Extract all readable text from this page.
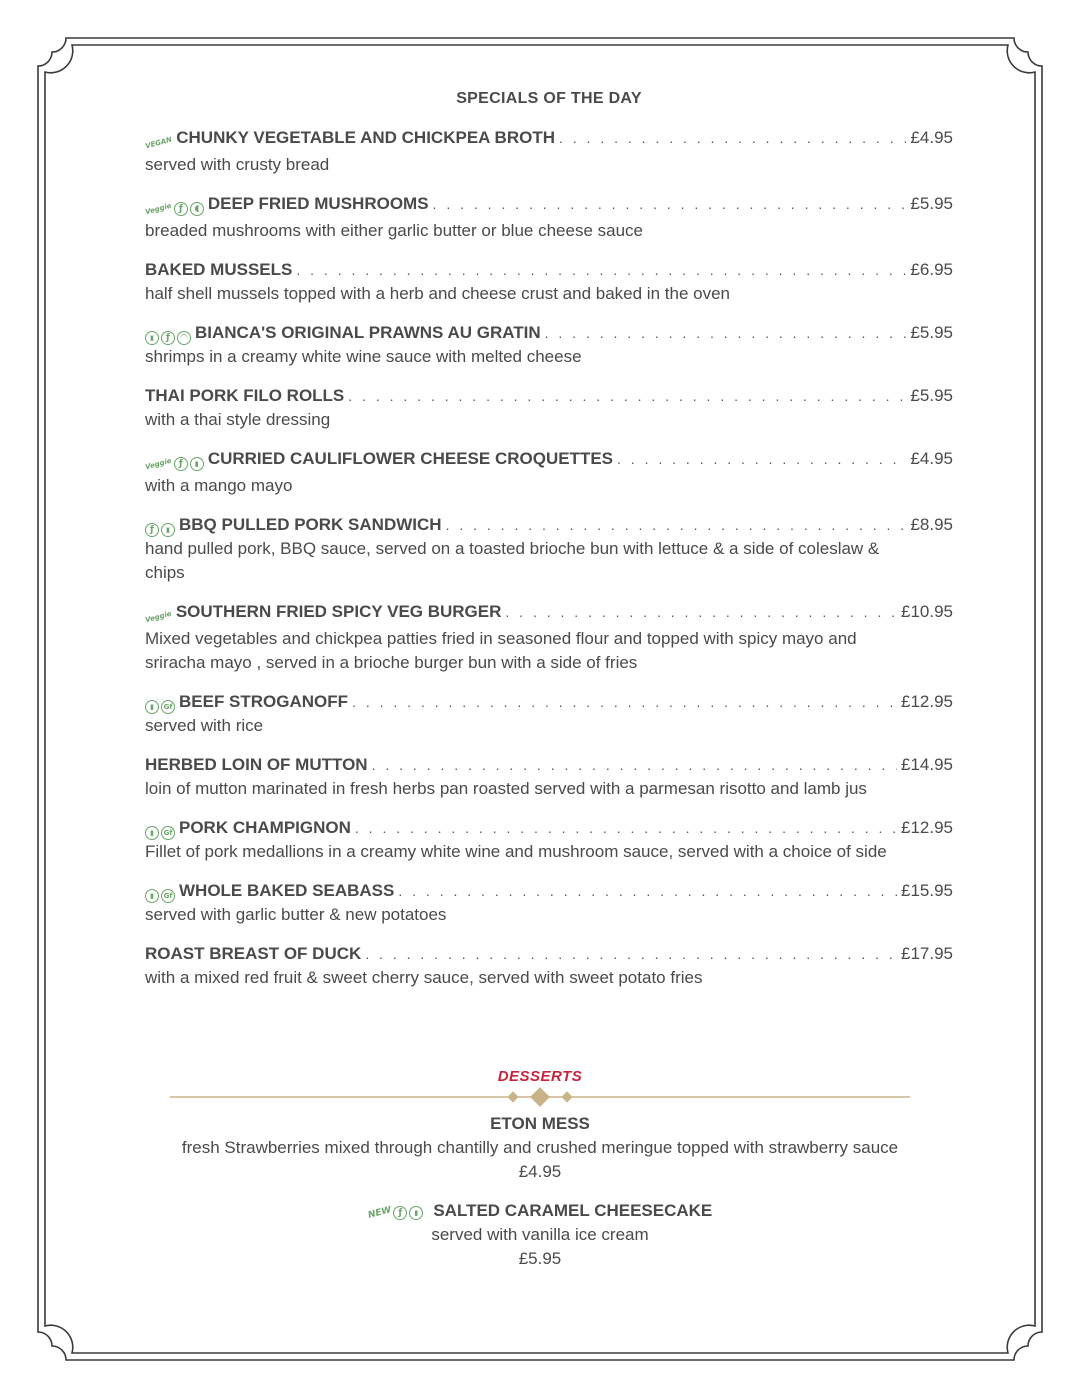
SPECIALS OF THE DAY
VEGAN CHUNKY VEGETABLE AND CHICKPEA BROTH . . .	£4.95
served with crusty bread
Veggie ƒ	◖ DEEP FRIED MUSHROOMS . . .	£5.95
breaded mushrooms with either garlic butter or blue cheese sauce
BAKED MUSSELS . . .	£6.95
half shell mussels topped with a herb and cheese crust and baked in the oven
▮	ƒ	◠ BIANCA'S ORIGINAL PRAWNS AU GRATIN . . .	£5.95
shrimps in a creamy white wine sauce with melted cheese
THAI PORK FILO ROLLS . . .	£5.95
with a thai style dressing
Veggie ƒ	▮ CURRIED CAULIFLOWER CHEESE CROQUETTES . . .	£4.95
with a mango mayo
ƒ	▮ BBQ PULLED PORK SANDWICH . . .	£8.95
hand pulled pork, BBQ sauce, served on a toasted brioche bun with lettuce & a side of coleslaw & chips
Veggie SOUTHERN FRIED SPICY VEG BURGER . . .	£10.95
Mixed vegetables and chickpea patties fried in seasoned flour and topped with spicy mayo and sriracha mayo , served in a brioche burger bun with a side of fries
▮	Gf BEEF STROGANOFF . . .	£12.95
served with rice
HERBED LOIN OF MUTTON . . .	£14.95
loin of mutton marinated in fresh herbs pan roasted served with a parmesan risotto and lamb jus
▮	Gf PORK CHAMPIGNON . . .	£12.95
Fillet of pork medallions in a creamy white wine and mushroom sauce, served with a choice of side
▮	Gf WHOLE BAKED SEABASS . . .	£15.95
served with garlic butter & new potatoes
ROAST BREAST OF DUCK . . .	£17.95
with a mixed red fruit & sweet cherry sauce, served with sweet potato fries
DESSERTS
ETON MESS
fresh Strawberries mixed through chantilly and crushed meringue topped with strawberry sauce
£4.95
NEW ƒ	▮ SALTED CARAMEL CHEESECAKE
served with vanilla ice cream
£5.95
